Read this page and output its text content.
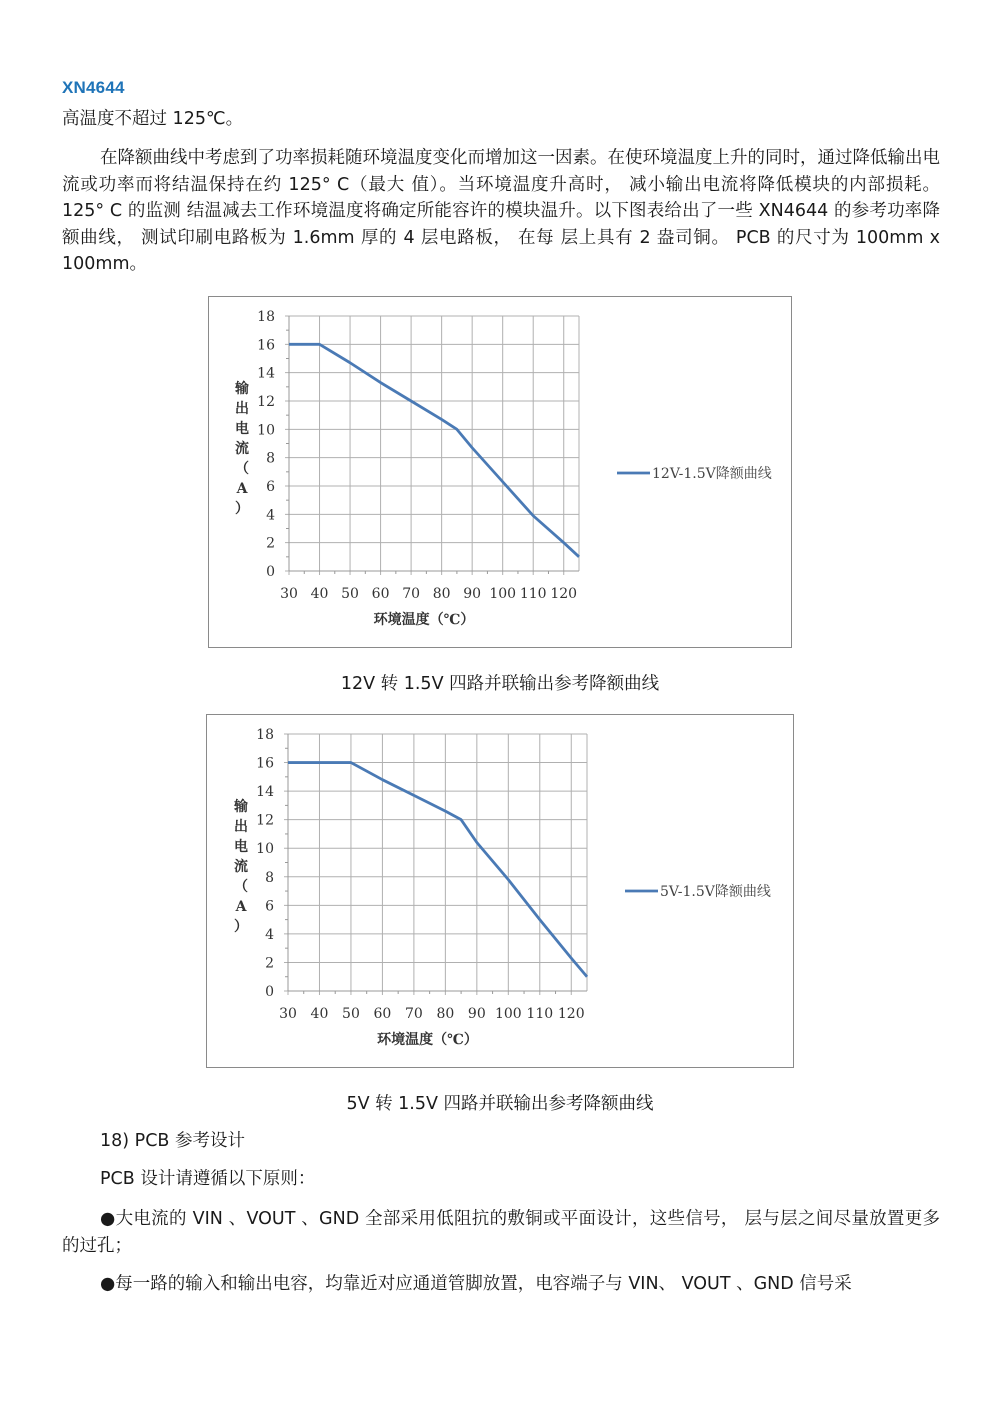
XN4644
高温度不超过 125℃。
在降额曲线中考虑到了功率损耗随环境温度变化而增加这一因素。在使环境温度上升的同时，通过降低输出电流或功率而将结温保持在约 125° C（最大 值）。当环境温度升高时， 减小输出电流将降低模块的内部损耗。 125° C 的监测 结温减去工作环境温度将确定所能容许的模块温升。以下图表给出了一些 XN4644 的参考功率降额曲线， 测试印刷电路板为 1.6mm 厚的 4 层电路板， 在每 层上具有 2 盎司铜。 PCB 的尺寸为 100mm x 100mm。
0
2
4
6
8
10
12
14
16
18
30 40 50 60 70 80 90 100 110 120
环境温度（℃）
输
出
电
流
（
A
）
12V-1.5V降额曲线
12V 转 1.5V 四路并联输出参考降额曲线
0
2
4
6
8
10
12
14
16
18
30 40 50 60 70 80 90 100 110 120
环境温度（℃）
输
出
电
流
（
A
）
5V-1.5V降额曲线
5V 转 1.5V 四路并联输出参考降额曲线
18) PCB 参考设计
PCB 设计请遵循以下原则：
●大电流的 VIN 、VOUT 、GND 全部采用低阻抗的敷铜或平面设计，这些信号， 层与层之间尽量放置更多的过孔；
●每一路的输入和输出电容，均靠近对应通道管脚放置，电容端子与 VIN、 VOUT 、GND 信号采
